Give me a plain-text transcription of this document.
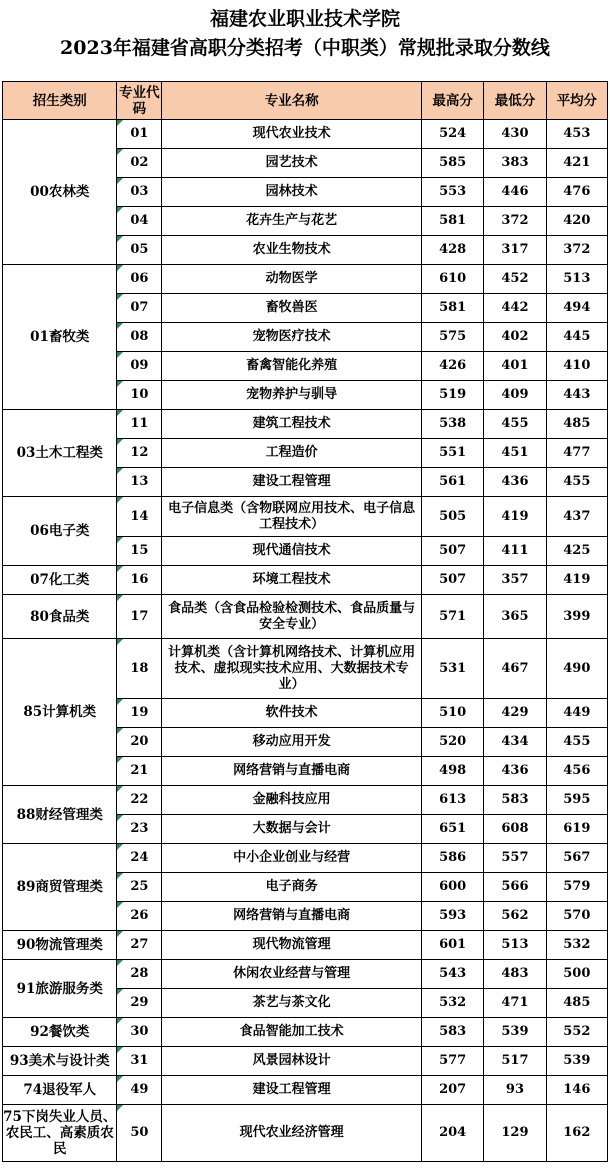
福建农业职业技术学院
2023年福建省高职分类招考（中职类）常规批录取分数线
招生类别	专业代码	专业名称	最高分	最低分	平均分
00农林类	01	现代农业技术	524	430	453
	02	园艺技术	585	383	421
	03	园林技术	553	446	476
	04	花卉生产与花艺	581	372	420
	05	农业生物技术	428	317	372
01畜牧类	06	动物医学	610	452	513
	07	畜牧兽医	581	442	494
	08	宠物医疗技术	575	402	445
	09	畜禽智能化养殖	426	401	410
	10	宠物养护与驯导	519	409	443
03土木工程类	11	建筑工程技术	538	455	485
	12	工程造价	551	451	477
	13	建设工程管理	561	436	455
06电子类	14	电子信息类（含物联网应用技术、电子信息工程技术）	505	419	437
	15	现代通信技术	507	411	425
07化工类	16	环境工程技术	507	357	419
80食品类	17	食品类（含食品检验检测技术、食品质量与安全专业）	571	365	399
85计算机类	18	计算机类（含计算机网络技术、计算机应用技术、虚拟现实技术应用、大数据技术专业）	531	467	490
	19	软件技术	510	429	449
	20	移动应用开发	520	434	455
	21	网络营销与直播电商	498	436	456
88财经管理类	22	金融科技应用	613	583	595
	23	大数据与会计	651	608	619
89商贸管理类	24	中小企业创业与经营	586	557	567
	25	电子商务	600	566	579
	26	网络营销与直播电商	593	562	570
90物流管理类	27	现代物流管理	601	513	532
91旅游服务类	28	休闲农业经营与管理	543	483	500
	29	茶艺与茶文化	532	471	485
92餐饮类	30	食品智能加工技术	583	539	552
93美术与设计类	31	风景园林设计	577	517	539
74退役军人	49	建设工程管理	207	93	146
75下岗失业人员、农民工、高素质农民	50	现代农业经济管理	204	129	162
